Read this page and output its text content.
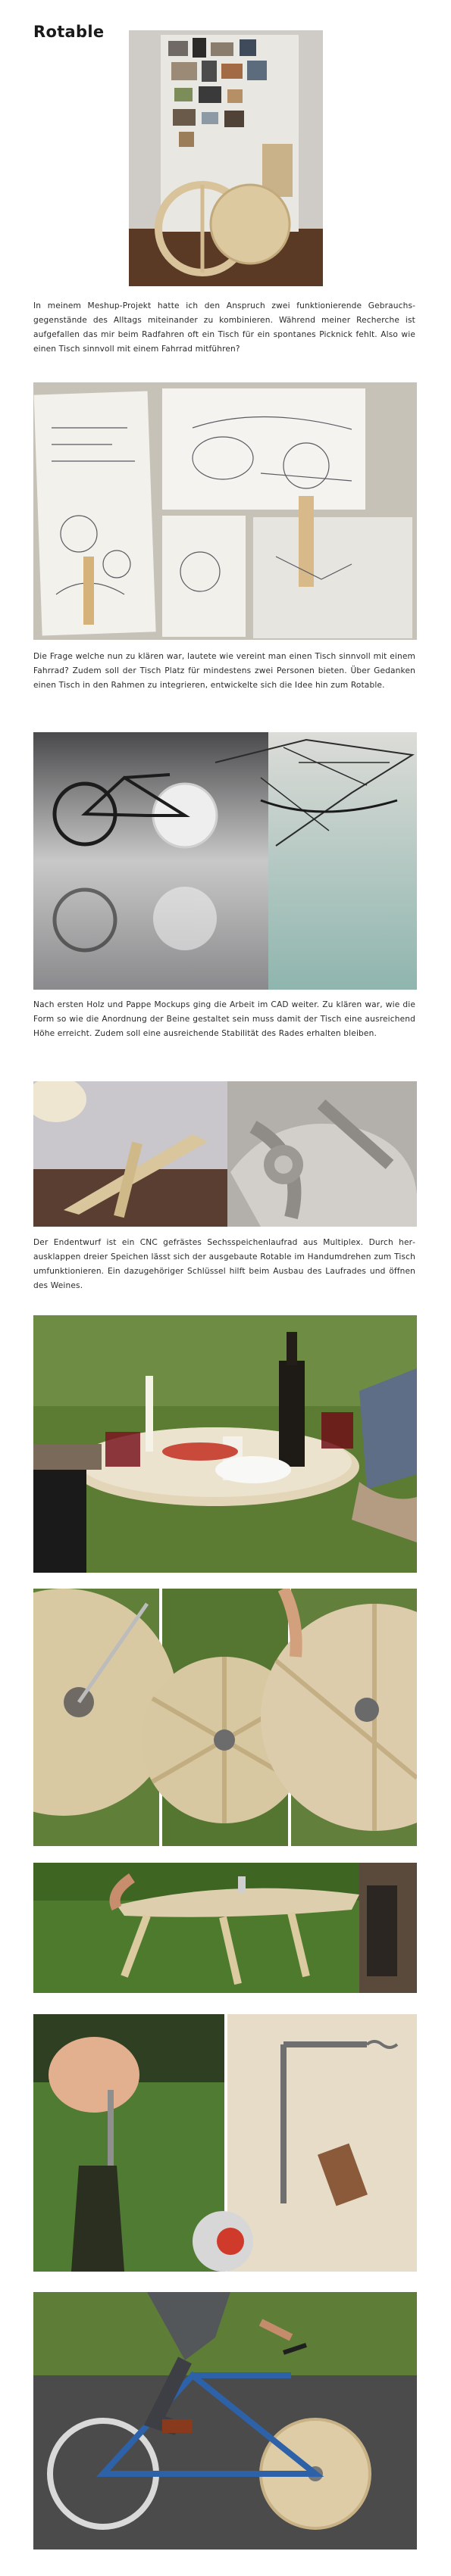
Rotable

In meinem Meshup-Projekt hatte ich den Anspruch zwei funktionierende Gebrauchsgegenstände des Alltags miteinander zu kombinieren. Während meiner Recherche ist aufgefallen das mir beim Radfahren oft ein Tisch für ein spontanes Picknick fehlt. Also wie einen Tisch sinnvoll mit einem Fahrrad mitführen?

Die Frage welche nun zu klären war, lautete wie vereint man einen Tisch sinnvoll mit einem Fahrrad? Zudem soll der Tisch Platz für mindestens zwei Personen bieten. Über Gedanken einen Tisch in den Rahmen zu integrieren, entwickelte sich die Idee hin zum Rotable.

Nach ersten Holz und Pappe Mockups ging die Arbeit im CAD weiter. Zu klären war, wie die Form so wie die Anordnung der Beine gestaltet sein muss damit der Tisch eine ausreichend Höhe erreicht. Zudem soll eine ausreichende Stabilität des Rades erhalten bleiben.

Der Endentwurf ist ein CNC gefrästes Sechsspeichenlaufrad aus Multiplex. Durch herausklappen dreier Speichen lässt sich der ausgebaute Rotable im Handumdrehen zum Tisch umfunktionieren. Ein dazugehöriger Schlüssel hilft beim Ausbau des Laufrades und öffnen des Weines.
